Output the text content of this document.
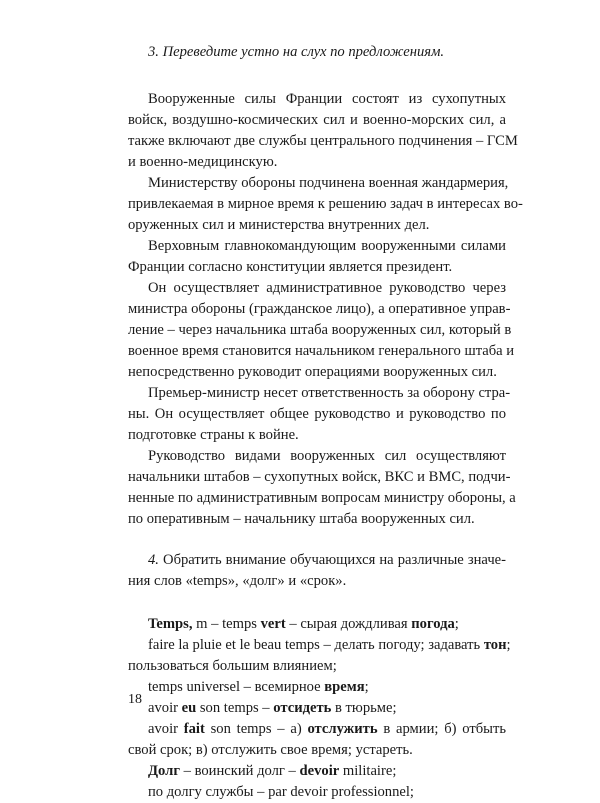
3. Переведите устно на слух по предложениям.

Вооруженные силы Франции состоят из сухопутных
войск, воздушно-космических сил и военно-морских сил, а
также включают две службы центрального подчинения – ГСМ
и военно-медицинскую.

Министерству обороны подчинена военная жандармерия,
привлекаемая в мирное время к решению задач в интересах во-
оруженных сил и министерства внутренних дел.

Верховным главнокомандующим вооруженными силами
Франции согласно конституции является президент.

Он осуществляет административное руководство через
министра обороны (гражданское лицо), а оперативное управ-
ление – через начальника штаба вооруженных сил, который в
военное время становится начальником генерального штаба и
непосредственно руководит операциями вооруженных сил.

Премьер-министр несет ответственность за оборону стра-
ны. Он осуществляет общее руководство и руководство по
подготовке страны к войне.

Руководство видами вооруженных сил осуществляют
начальники штабов – сухопутных войск, ВКС и ВМС, подчи-
ненные по административным вопросам министру обороны, а
по оперативным – начальнику штаба вооруженных сил.

4. Обратить внимание обучающихся на различные значе-
ния слов «temps», «долг» и «срок».
Temps, m – temps vert – сырая дождливая погода;
faire la pluie et le beau temps – делать погоду; задавать тон;
пользоваться большим влиянием;
temps universel – всемирное время;
avoir eu son temps – отсидеть в тюрьме;
avoir fait son temps – а) отслужить в армии; б) отбыть
свой срок; в) отслужить свое время; устареть.
Долг – воинский долг – devoir militaire;
по долгу службы – par devoir professionnel;
18
